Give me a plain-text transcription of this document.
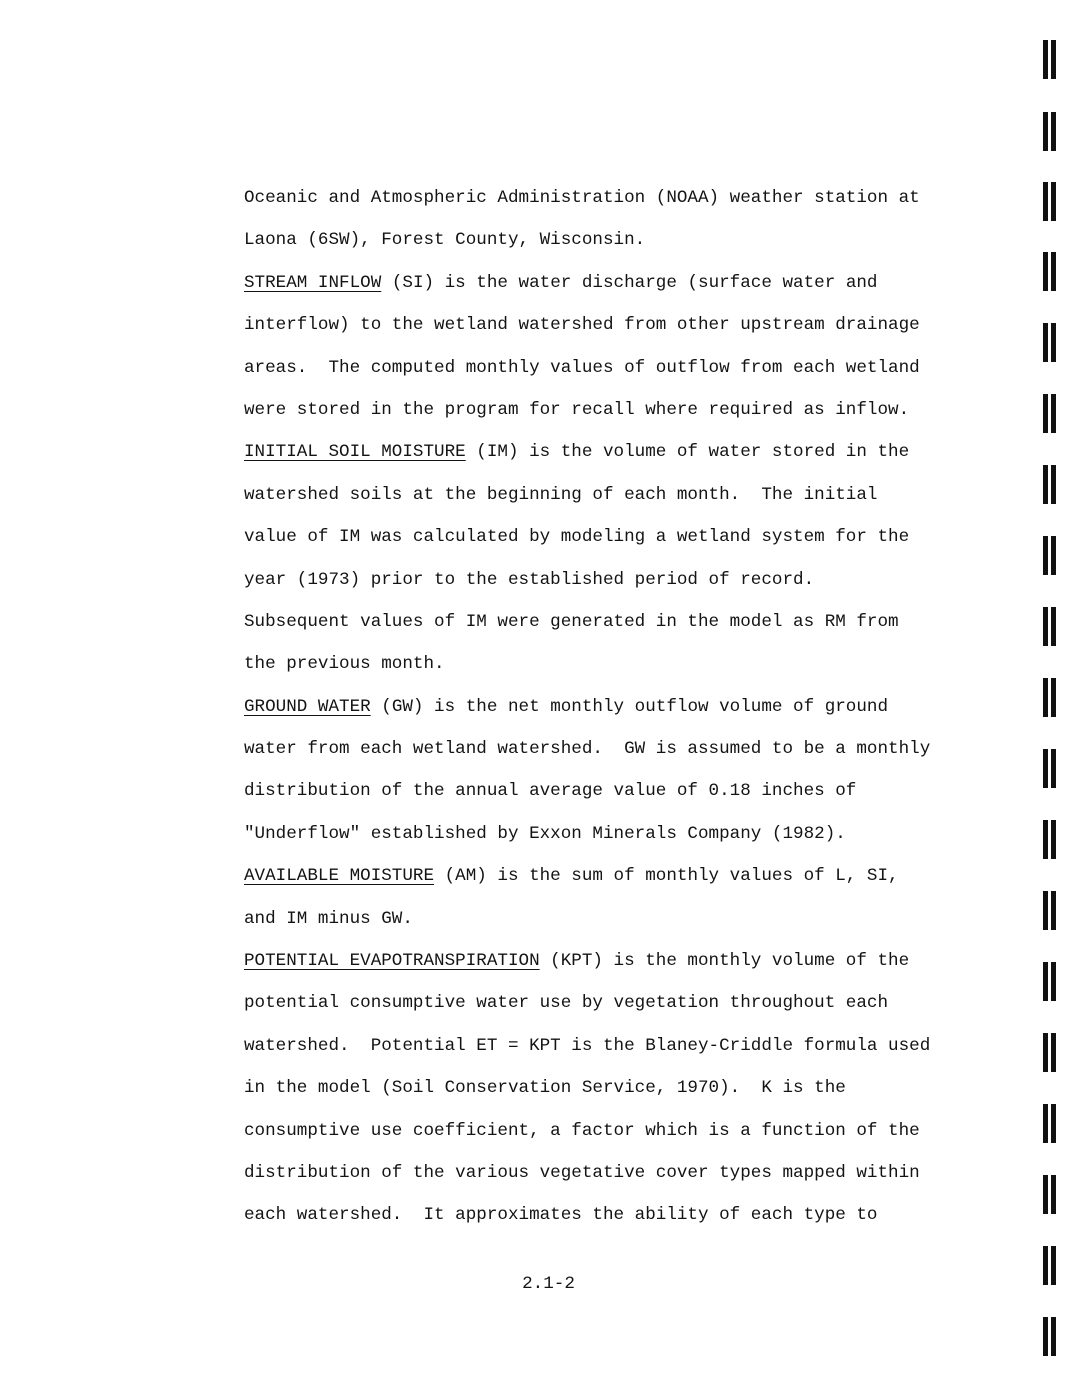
Oceanic and Atmospheric Administration (NOAA) weather station at
Laona (6SW), Forest County, Wisconsin.
STREAM INFLOW (SI) is the water discharge (surface water and
interflow) to the wetland watershed from other upstream drainage
areas.  The computed monthly values of outflow from each wetland
were stored in the program for recall where required as inflow.
INITIAL SOIL MOISTURE (IM) is the volume of water stored in the
watershed soils at the beginning of each month.  The initial
value of IM was calculated by modeling a wetland system for the
year (1973) prior to the established period of record.
Subsequent values of IM were generated in the model as RM from
the previous month.
GROUND WATER (GW) is the net monthly outflow volume of ground
water from each wetland watershed.  GW is assumed to be a monthly
distribution of the annual average value of 0.18 inches of
"Underflow" established by Exxon Minerals Company (1982).
AVAILABLE MOISTURE (AM) is the sum of monthly values of L, SI,
and IM minus GW.
POTENTIAL EVAPOTRANSPIRATION (KPT) is the monthly volume of the
potential consumptive water use by vegetation throughout each
watershed.  Potential ET = KPT is the Blaney-Criddle formula used
in the model (Soil Conservation Service, 1970).  K is the
consumptive use coefficient, a factor which is a function of the
distribution of the various vegetative cover types mapped within
each watershed.  It approximates the ability of each type to
2.1-2
